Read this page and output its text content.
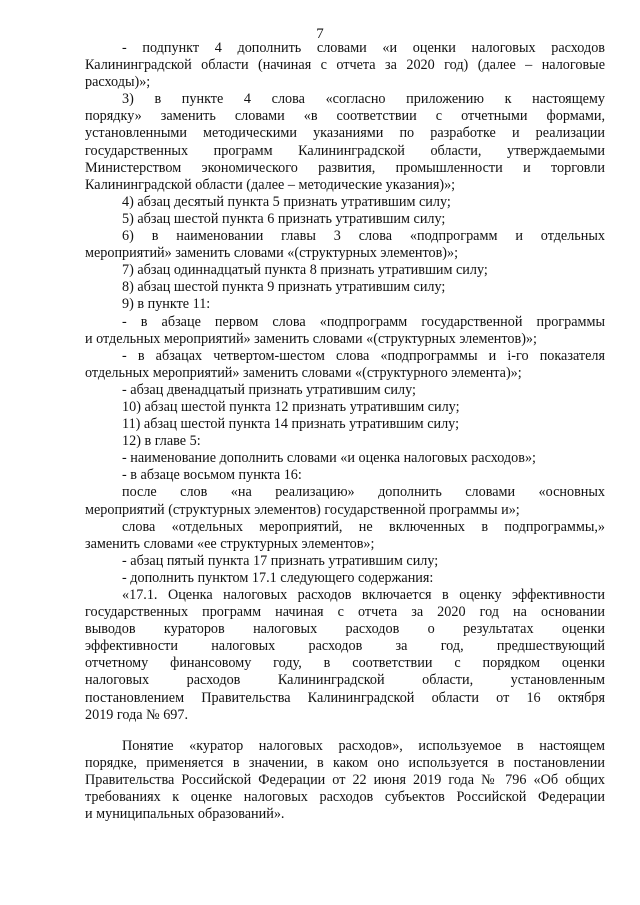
7

- подпункт 4 дополнить словами «и оценки налоговых расходов

Калининградской области (начиная с отчета за 2020 год) (далее – налоговые

расходы)»;

3) в пункте 4 слова «согласно приложению к настоящему

порядку» заменить словами «в соответствии с отчетными формами,

установленными методическими указаниями по разработке и реализации

государственных программ Калининградской области, утверждаемыми

Министерством экономического развития, промышленности и торговли

Калининградской области (далее – методические указания)»;

4) абзац десятый пункта 5 признать утратившим силу;

5) абзац шестой пункта 6 признать утратившим силу;

6) в наименовании главы 3 слова «подпрограмм и отдельных

мероприятий» заменить словами «(структурных элементов)»;

7) абзац одиннадцатый пункта 8 признать утратившим силу;

8) абзац шестой пункта 9 признать утратившим силу;

9) в пункте 11:

- в абзаце первом слова «подпрограмм государственной программы

и отдельных мероприятий» заменить словами «(структурных элементов)»;

- в абзацах четвертом-шестом слова «подпрограммы и i-го показателя

отдельных мероприятий» заменить словами «(структурного элемента)»;

- абзац двенадцатый признать утратившим силу;

10) абзац шестой пункта 12 признать утратившим силу;

11) абзац шестой пункта 14 признать утратившим силу;

12) в главе 5:

- наименование дополнить словами «и оценка налоговых расходов»;

- в абзаце восьмом пункта 16:

после слов «на реализацию» дополнить словами «основных

мероприятий (структурных элементов) государственной программы и»;

слова «отдельных мероприятий, не включенных в подпрограммы,»

заменить словами «ее структурных элементов»;

- абзац пятый пункта 17 признать утратившим силу;

- дополнить пунктом 17.1 следующего содержания:

«17.1. Оценка налоговых расходов включается в оценку эффективности

государственных программ начиная с отчета за 2020 год на основании

выводов кураторов налоговых расходов о результатах оценки

эффективности налоговых расходов за год, предшествующий

отчетному финансовому году, в соответствии с порядком оценки

налоговых расходов Калининградской области, установленным

постановлением Правительства Калининградской области от 16 октября

2019 года № 697.

Понятие «куратор налоговых расходов», используемое в настоящем

порядке, применяется в значении, в каком оно используется в постановлении

Правительства Российской Федерации от 22 июня 2019 года № 796 «Об общих

требованиях к оценке налоговых расходов субъектов Российской Федерации

и муниципальных образований».
